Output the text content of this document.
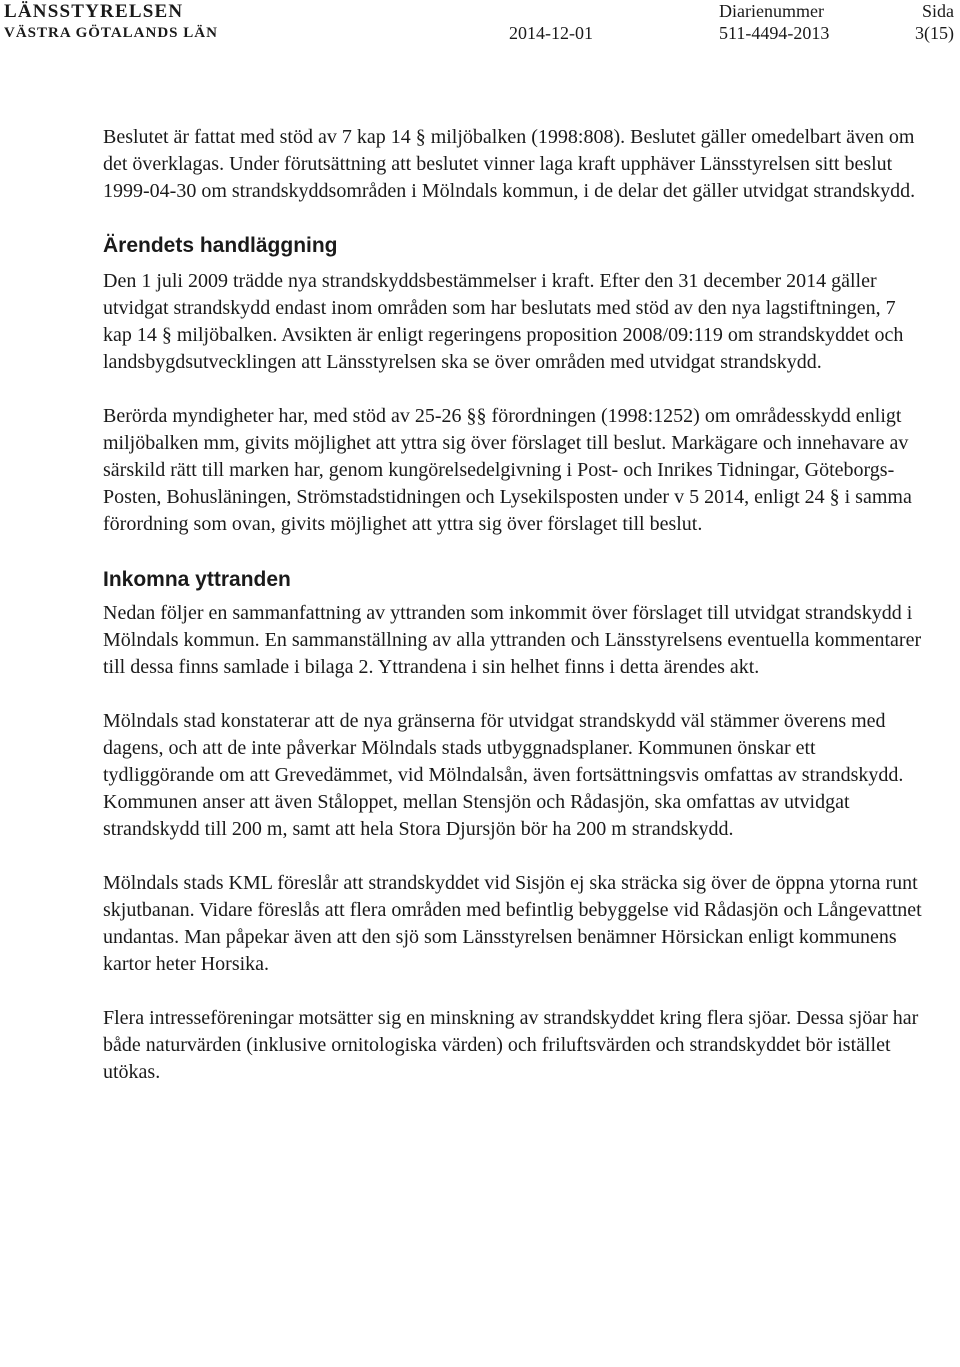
LÄNSSTYRELSEN
VÄSTRA GÖTALANDS LÄN	2014-12-01
Diarienummer
511-4494-2013
Sida
3(15)

Beslutet är fattat med stöd av 7 kap 14 § miljöbalken (1998:808). Beslutet gäller omedelbart även om det överklagas. Under förutsättning att beslutet vinner laga kraft upphäver Länsstyrelsen sitt beslut 1999-04-30 om strandskyddsområden i Mölndals kommun, i de delar det gäller utvidgat strandskydd.

Ärendets handläggning

Den 1 juli 2009 trädde nya strandskyddsbestämmelser i kraft. Efter den 31 december 2014 gäller utvidgat strandskydd endast inom områden som har beslutats med stöd av den nya lagstiftningen, 7 kap 14 § miljöbalken. Avsikten är enligt regeringens proposition 2008/09:119 om strandskyddet och landsbygdsutvecklingen att Länsstyrelsen ska se över områden med utvidgat strandskydd.

Berörda myndigheter har, med stöd av 25-26 §§ förordningen (1998:1252) om områdesskydd enligt miljöbalken mm, givits möjlighet att yttra sig över förslaget till beslut. Markägare och innehavare av särskild rätt till marken har, genom kungörelsedelgivning i Post- och Inrikes Tidningar, Göteborgs-Posten, Bohusläningen, Strömstadstidningen och Lysekilsposten under v 5 2014, enligt 24 § i samma förordning som ovan, givits möjlighet att yttra sig över förslaget till beslut.

Inkomna yttranden

Nedan följer en sammanfattning av yttranden som inkommit över förslaget till utvidgat strandskydd i Mölndals kommun. En sammanställning av alla yttranden och Länsstyrelsens eventuella kommentarer till dessa finns samlade i bilaga 2. Yttrandena i sin helhet finns i detta ärendes akt.

Mölndals stad konstaterar att de nya gränserna för utvidgat strandskydd väl stämmer överens med dagens, och att de inte påverkar Mölndals stads utbyggnadsplaner. Kommunen önskar ett tydliggörande om att Grevedämmet, vid Mölndalsån, även fortsättningsvis omfattas av strandskydd. Kommunen anser att även Ståloppet, mellan Stensjön och Rådasjön, ska omfattas av utvidgat strandskydd till 200 m, samt att hela Stora Djursjön bör ha 200 m strandskydd.

Mölndals stads KML föreslår att strandskyddet vid Sisjön ej ska sträcka sig över de öppna ytorna runt skjutbanan. Vidare föreslås att flera områden med befintlig bebyggelse vid Rådasjön och Långevattnet undantas. Man påpekar även att den sjö som Länsstyrelsen benämner Hörsickan enligt kommunens kartor heter Horsika.

Flera intresseföreningar motsätter sig en minskning av strandskyddet kring flera sjöar. Dessa sjöar har både naturvärden (inklusive ornitologiska värden) och friluftsvärden och strandskyddet bör istället utökas.
